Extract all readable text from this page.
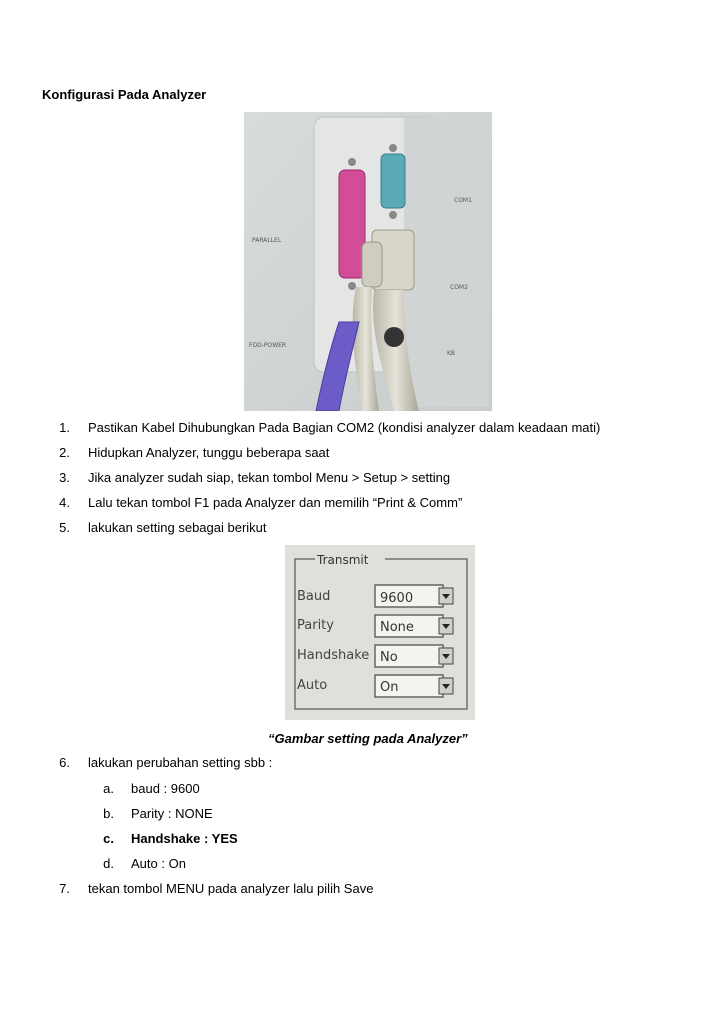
Konfigurasi Pada Analyzer
COM1
PARALLEL
COM2
FDD-POWER
KB
1. Pastikan Kabel Dihubungkan Pada Bagian COM2 (kondisi analyzer dalam keadaan mati)
2. Hidupkan Analyzer, tunggu beberapa saat
3. Jika analyzer sudah siap, tekan tombol Menu > Setup > setting
4. Lalu tekan tombol F1 pada Analyzer dan memilih “Print & Comm”
5. lakukan setting sebagai berikut
Transmit
Baud	9600
Parity	None
Handshake No
Auto	On
“Gambar setting pada Analyzer”
6. lakukan perubahan setting sbb :
a. baud : 9600
b. Parity : NONE
c. Handshake : YES
d. Auto : On
7. tekan tombol MENU pada analyzer lalu pilih Save
